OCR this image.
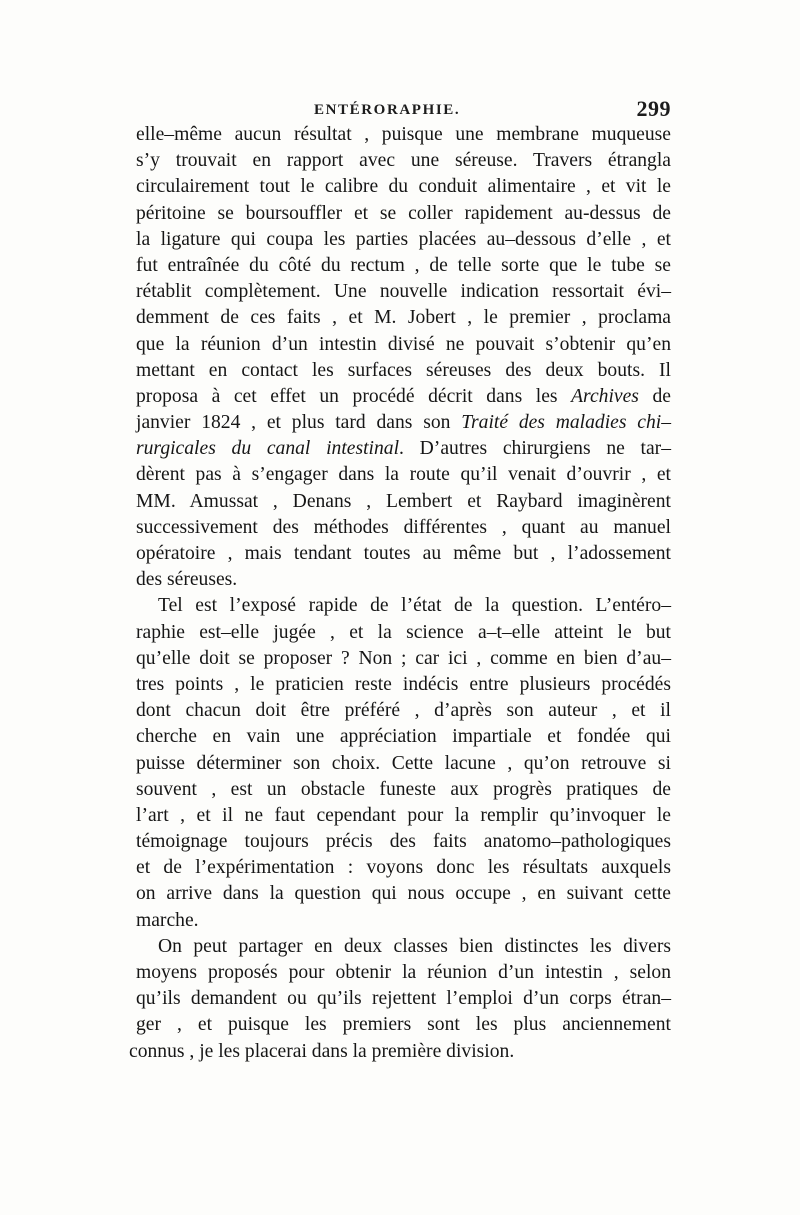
ENTÉRORAPHIE.	299
elle–même aucun résultat , puisque une membrane muqueuse
s’y trouvait en rapport avec une séreuse. Travers étrangla
circulairement tout le calibre du conduit alimentaire , et vit le
péritoine se boursouffler et se coller rapidement au-dessus de
la ligature qui coupa les parties placées au–dessous d’elle , et
fut entraînée du côté du rectum , de telle sorte que le tube se
rétablit complètement. Une nouvelle indication ressortait évi–
demment de ces faits , et M. Jobert , le premier , proclama
que la réunion d’un intestin divisé ne pouvait s’obtenir qu’en
mettant en contact les surfaces séreuses des deux bouts. Il
proposa à cet effet un procédé décrit dans les Archives de
janvier 1824 , et plus tard dans son Traité des maladies chi–
rurgicales du canal intestinal. D’autres chirurgiens ne tar–
dèrent pas à s’engager dans la route qu’il venait d’ouvrir , et
MM. Amussat , Denans , Lembert et Raybard imaginèrent
successivement des méthodes différentes , quant au manuel
opératoire , mais tendant toutes au même but , l’adossement
des séreuses.
Tel est l’exposé rapide de l’état de la question. L’entéro–
raphie est–elle jugée , et la science a–t–elle atteint le but
qu’elle doit se proposer ? Non ; car ici , comme en bien d’au–
tres points , le praticien reste indécis entre plusieurs procédés
dont chacun doit être préféré , d’après son auteur , et il
cherche en vain une appréciation impartiale et fondée qui
puisse déterminer son choix. Cette lacune , qu’on retrouve si
souvent , est un obstacle funeste aux progrès pratiques de
l’art , et il ne faut cependant pour la remplir qu’invoquer le
témoignage toujours précis des faits anatomo–pathologiques
et de l’expérimentation : voyons donc les résultats auxquels
on arrive dans la question qui nous occupe , en suivant cette
marche.
On peut partager en deux classes bien distinctes les divers
moyens proposés pour obtenir la réunion d’un intestin , selon
qu’ils demandent ou qu’ils rejettent l’emploi d’un corps étran–
ger , et puisque les premiers sont les plus anciennement
connus , je les placerai dans la première division.
